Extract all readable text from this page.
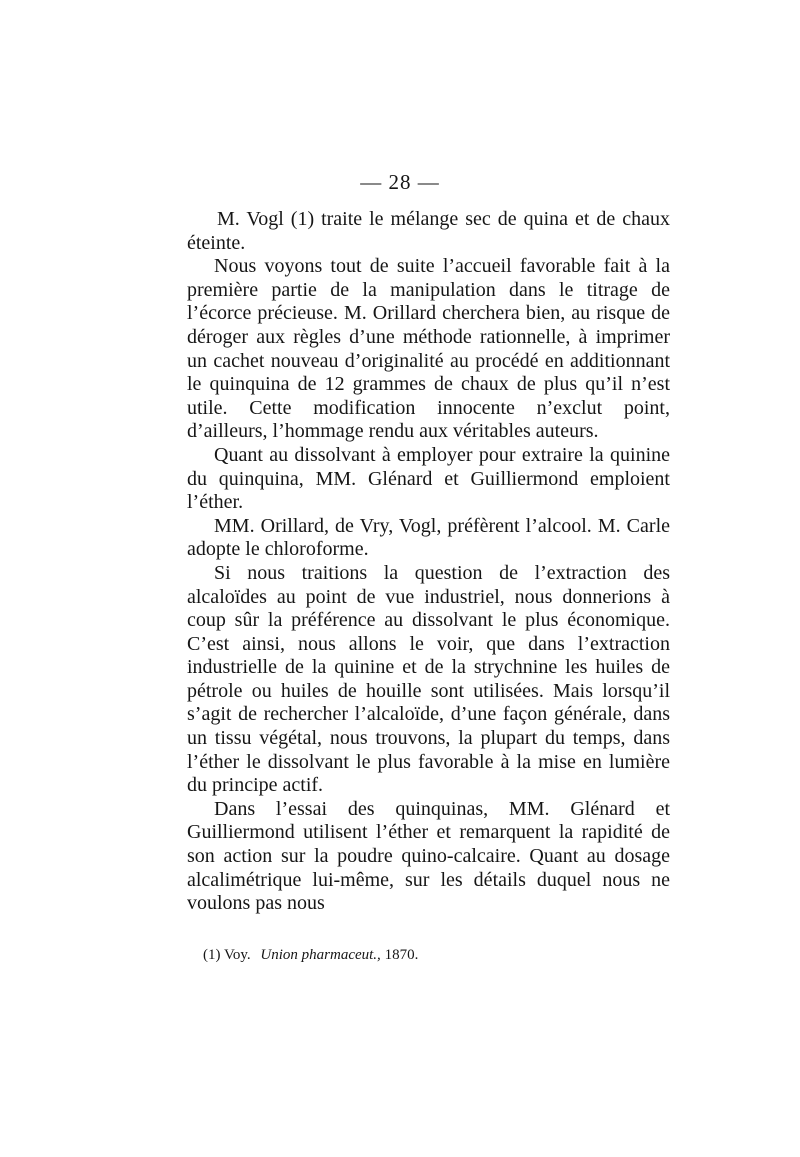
— 28 —

M. Vogl (1) traite le mélange sec de quina et de chaux éteinte.

Nous voyons tout de suite l’accueil favorable fait à la première partie de la manipulation dans le titrage de l’écorce précieuse. M. Orillard cherchera bien, au risque de déroger aux règles d’une méthode rationnelle, à imprimer un cachet nouveau d’originalité au procédé en additionnant le quinquina de 12 grammes de chaux de plus qu’il n’est utile. Cette modification innocente n’exclut point, d’ailleurs, l’hommage rendu aux véritables auteurs.

Quant au dissolvant à employer pour extraire la quinine du quinquina, MM. Glénard et Guilliermond emploient l’éther.

MM. Orillard, de Vry, Vogl, préfèrent l’alcool. M. Carle adopte le chloroforme.

Si nous traitions la question de l’extraction des alcaloïdes au point de vue industriel, nous donnerions à coup sûr la préférence au dissolvant le plus économique. C’est ainsi, nous allons le voir, que dans l’extraction industrielle de la quinine et de la strychnine les huiles de pétrole ou huiles de houille sont utilisées. Mais lorsqu’il s’agit de rechercher l’alcaloïde, d’une façon générale, dans un tissu végétal, nous trouvons, la plupart du temps, dans l’éther le dissolvant le plus favorable à la mise en lumière du principe actif.

Dans l’essai des quinquinas, MM. Glénard et Guilliermond utilisent l’éther et remarquent la rapidité de son action sur la poudre quino-calcaire. Quant au dosage alcalimétrique lui-même, sur les détails duquel nous ne voulons pas nous

(1) Voy. Union pharmaceut., 1870.
